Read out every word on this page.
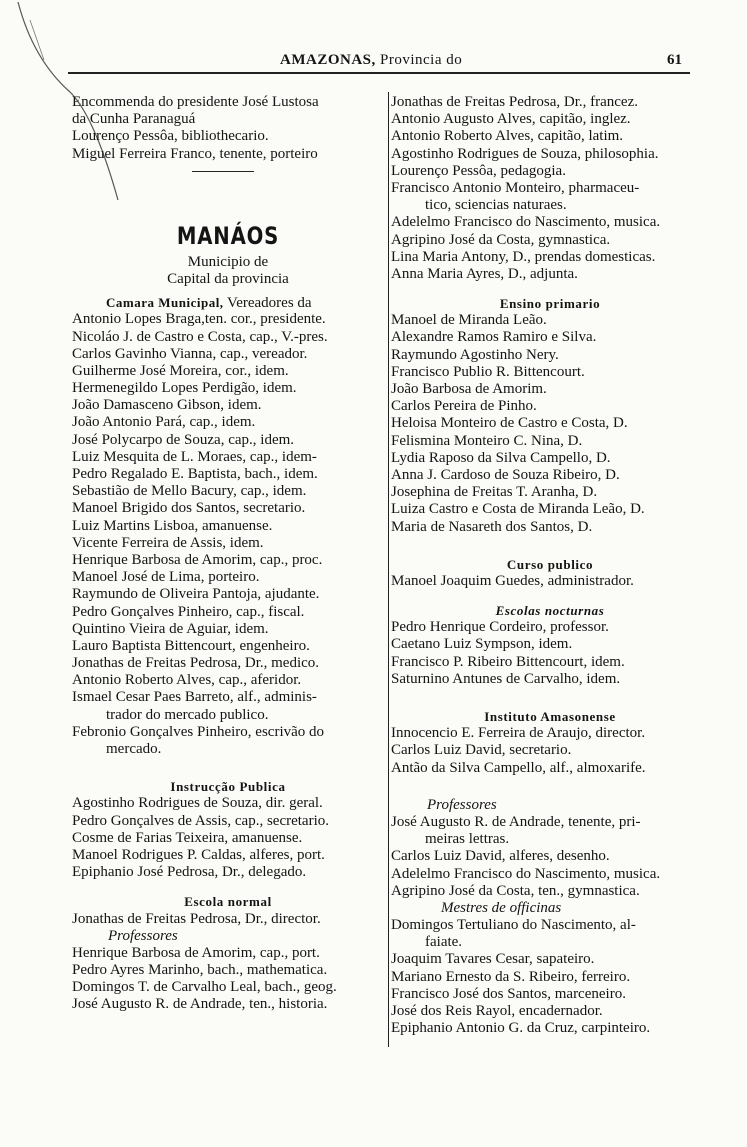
AMAZONAS, Provincia do	61
Encommenda do presidente José Lustosa
da Cunha Paranaguá
Lourenço Pessôa, bibliothecario.
Miguel Ferreira Franco, tenente, porteiro
MANÁOS
Municipio de
Capital da provincia
Camara Municipal, Vereadores da
Antonio Lopes Braga,ten. cor., presidente.
Nicoláo J. de Castro e Costa, cap., V.-pres.
Carlos Gavinho Vianna, cap., vereador.
Guilherme José Moreira, cor., idem.
Hermenegildo Lopes Perdigão, idem.
João Damasceno Gibson, idem.
João Antonio Pará, cap., idem.
José Polycarpo de Souza, cap., idem.
Luiz Mesquita de L. Moraes, cap., idem-
Pedro Regalado E. Baptista, bach., idem.
Sebastião de Mello Bacury, cap., idem.
Manoel Brigido dos Santos, secretario.
Luiz Martins Lisboa, amanuense.
Vicente Ferreira de Assis, idem.
Henrique Barbosa de Amorim, cap., proc.
Manoel José de Lima, porteiro.
Raymundo de Oliveira Pantoja, ajudante.
Pedro Gonçalves Pinheiro, cap., fiscal.
Quintino Vieira de Aguiar, idem.
Lauro Baptista Bittencourt, engenheiro.
Jonathas de Freitas Pedrosa, Dr., medico.
Antonio Roberto Alves, cap., aferidor.
Ismael Cesar Paes Barreto, alf., adminis-
trador do mercado publico.
Febronio Gonçalves Pinheiro, escrivão do
mercado.
Instrucção Publica
Agostinho Rodrigues de Souza, dir. geral.
Pedro Gonçalves de Assis, cap., secretario.
Cosme de Farias Teixeira, amanuense.
Manoel Rodrigues P. Caldas, alferes, port.
Epiphanio José Pedrosa, Dr., delegado.
Escola normal
Jonathas de Freitas Pedrosa, Dr., director.
Professores
Henrique Barbosa de Amorim, cap., port.
Pedro Ayres Marinho, bach., mathematica.
Domingos T. de Carvalho Leal, bach., geog.
José Augusto R. de Andrade, ten., historia.
Jonathas de Freitas Pedrosa, Dr., francez.
Antonio Augusto Alves, capitão, inglez.
Antonio Roberto Alves, capitão, latim.
Agostinho Rodrigues de Souza, philosophia.
Lourenço Pessôa, pedagogia.
Francisco Antonio Monteiro, pharmaceu-
tico, sciencias naturaes.
Adelelmo Francisco do Nascimento, musica.
Agripino José da Costa, gymnastica.
Lina Maria Antony, D., prendas domesticas.
Anna Maria Ayres, D., adjunta.
Ensino primario
Manoel de Miranda Leão.
Alexandre Ramos Ramiro e Silva.
Raymundo Agostinho Nery.
Francisco Publio R. Bittencourt.
João Barbosa de Amorim.
Carlos Pereira de Pinho.
Heloisa Monteiro de Castro e Costa, D.
Felismina Monteiro C. Nina, D.
Lydia Raposo da Silva Campello, D.
Anna J. Cardoso de Souza Ribeiro, D.
Josephina de Freitas T. Aranha, D.
Luiza Castro e Costa de Miranda Leão, D.
Maria de Nasareth dos Santos, D.
Curso publico
Manoel Joaquim Guedes, administrador.
Escolas nocturnas
Pedro Henrique Cordeiro, professor.
Caetano Luiz Sympson, idem.
Francisco P. Ribeiro Bittencourt, idem.
Saturnino Antunes de Carvalho, idem.
Instituto Amasonense
Innocencio E. Ferreira de Araujo, director.
Carlos Luiz David, secretario.
Antão da Silva Campello, alf., almoxarife.
Professores
José Augusto R. de Andrade, tenente, pri-
meiras lettras.
Carlos Luiz David, alferes, desenho.
Adelelmo Francisco do Nascimento, musica.
Agripino José da Costa, ten., gymnastica.
Mestres de officinas
Domingos Tertuliano do Nascimento, al-
faiate.
Joaquim Tavares Cesar, sapateiro.
Mariano Ernesto da S. Ribeiro, ferreiro.
Francisco José dos Santos, marceneiro.
José dos Reis Rayol, encadernador.
Epiphanio Antonio G. da Cruz, carpinteiro.
